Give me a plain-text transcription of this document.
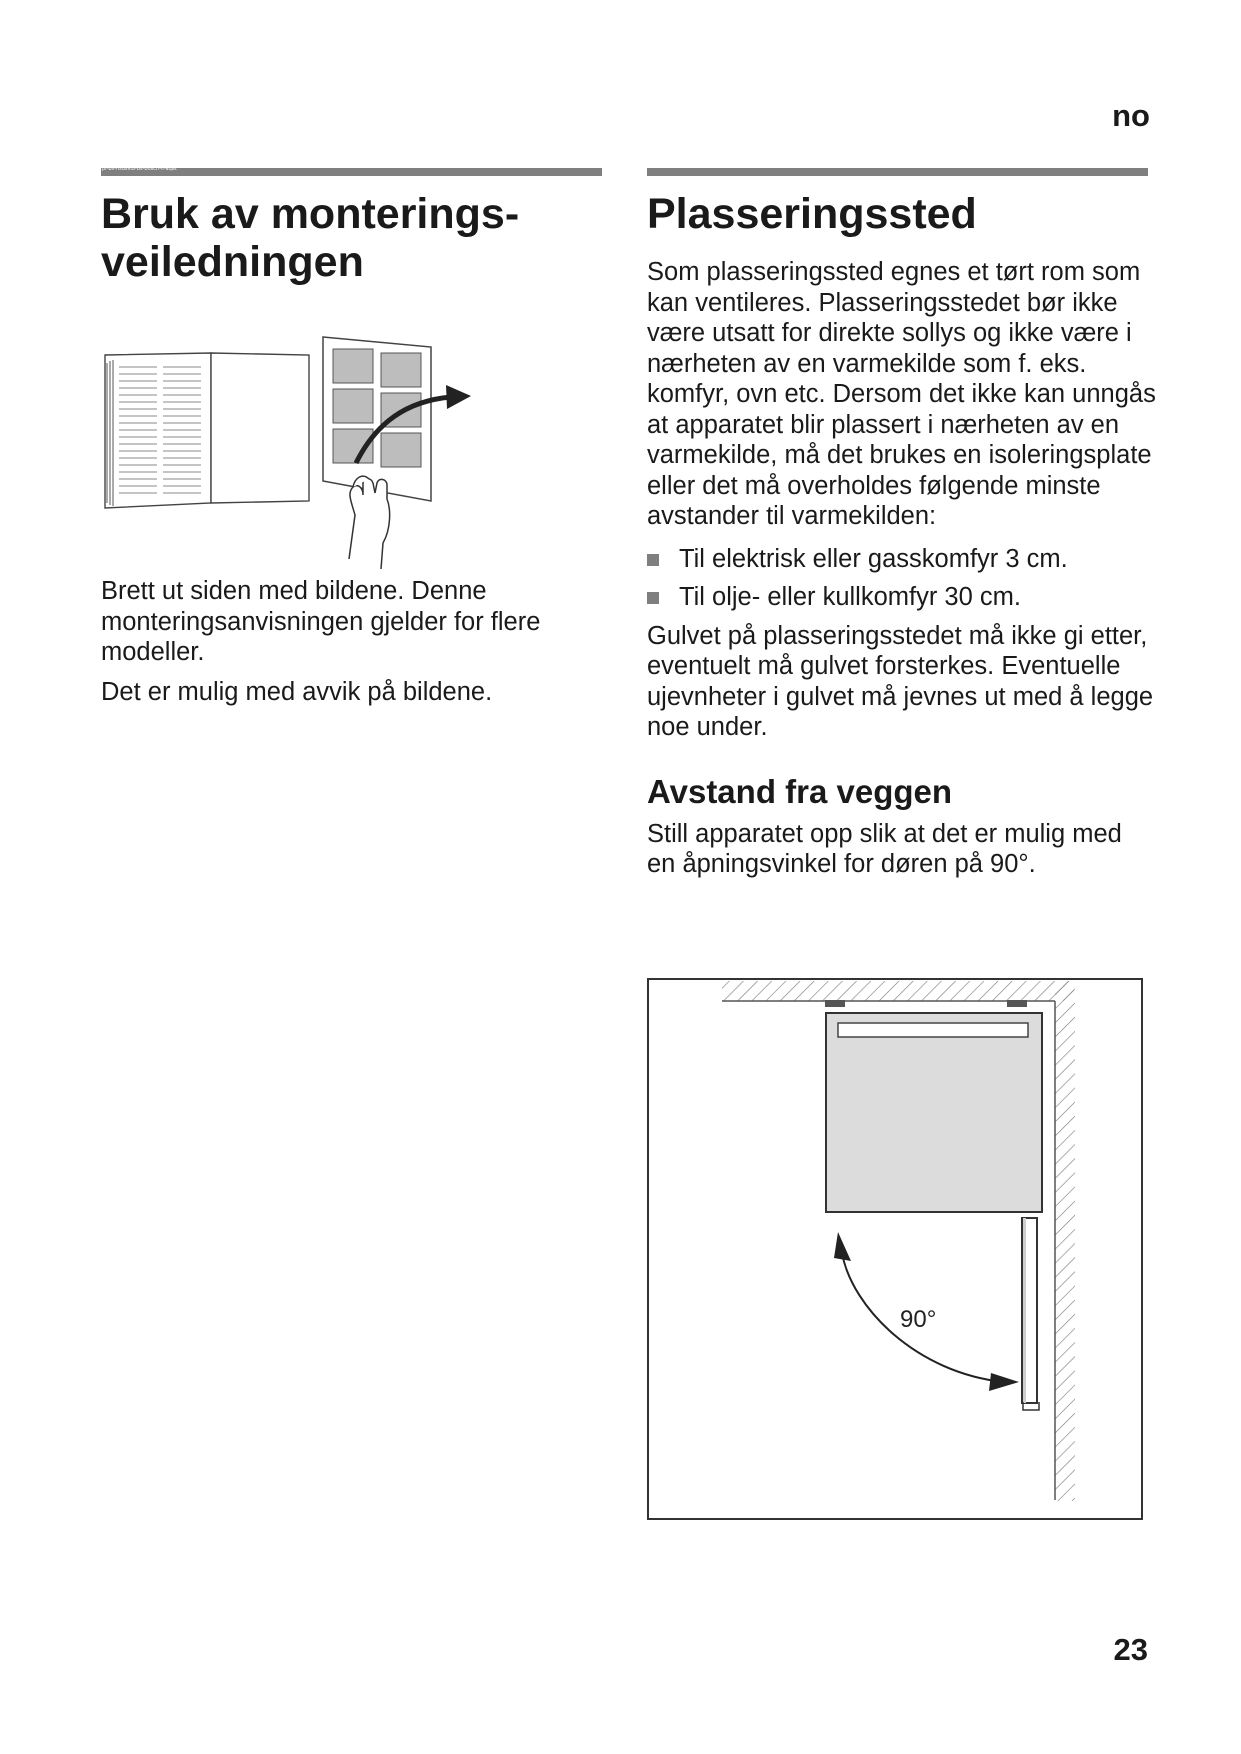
no
pl-bs-hsdsvdi-bs-bosch-ll-aqat
Bruk av monterings-
veiledningen
Plasseringssted

Brett ut siden med bildene. Denne monteringsanvisningen gjelder for flere modeller.

Det er mulig med avvik på bildene.

Som plasseringssted egnes et tørt rom som kan ventileres. Plasseringsstedet bør ikke være utsatt for direkte sollys og ikke være i nærheten av en varmekilde som f. eks. komfyr, ovn etc. Dersom det ikke kan unngås at apparatet blir plassert i nærheten av en varmekilde, må det brukes en isoleringsplate eller det må overholdes følgende minste avstander til varmekilden:

Til elektrisk eller gasskomfyr 3 cm.
Til olje- eller kullkomfyr 30 cm.

Gulvet på plasseringsstedet må ikke gi etter, eventuelt må gulvet forsterkes. Eventuelle ujevnheter i gulvet må jevnes ut med å legge noe under.

Avstand fra veggen

Still apparatet opp slik at det er mulig med en åpningsvinkel for døren på 90°.

90°
23
